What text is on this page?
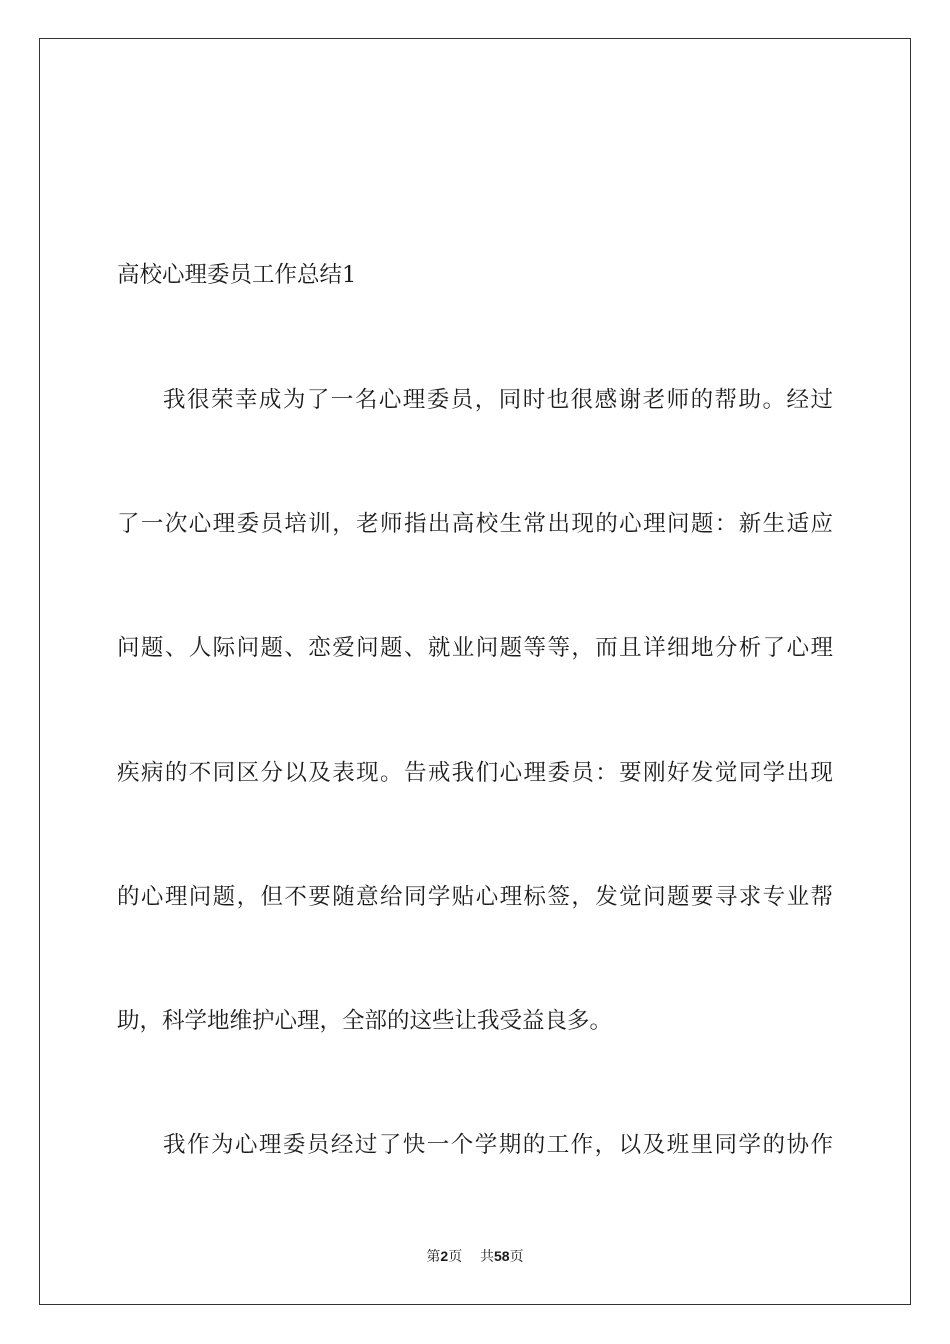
高校心理委员工作总结1
我很荣幸成为了一名心理委员，同时也很感谢老师的帮助。经过
了一次心理委员培训，老师指出高校生常出现的心理问题：新生适应
问题、人际问题、恋爱问题、就业问题等等，而且详细地分析了心理
疾病的不同区分以及表现。告戒我们心理委员：要刚好发觉同学出现
的心理问题，但不要随意给同学贴心理标签，发觉问题要寻求专业帮
助，科学地维护心理，全部的这些让我受益良多。
我作为心理委员经过了快一个学期的工作，以及班里同学的协作
第2页 共58页
